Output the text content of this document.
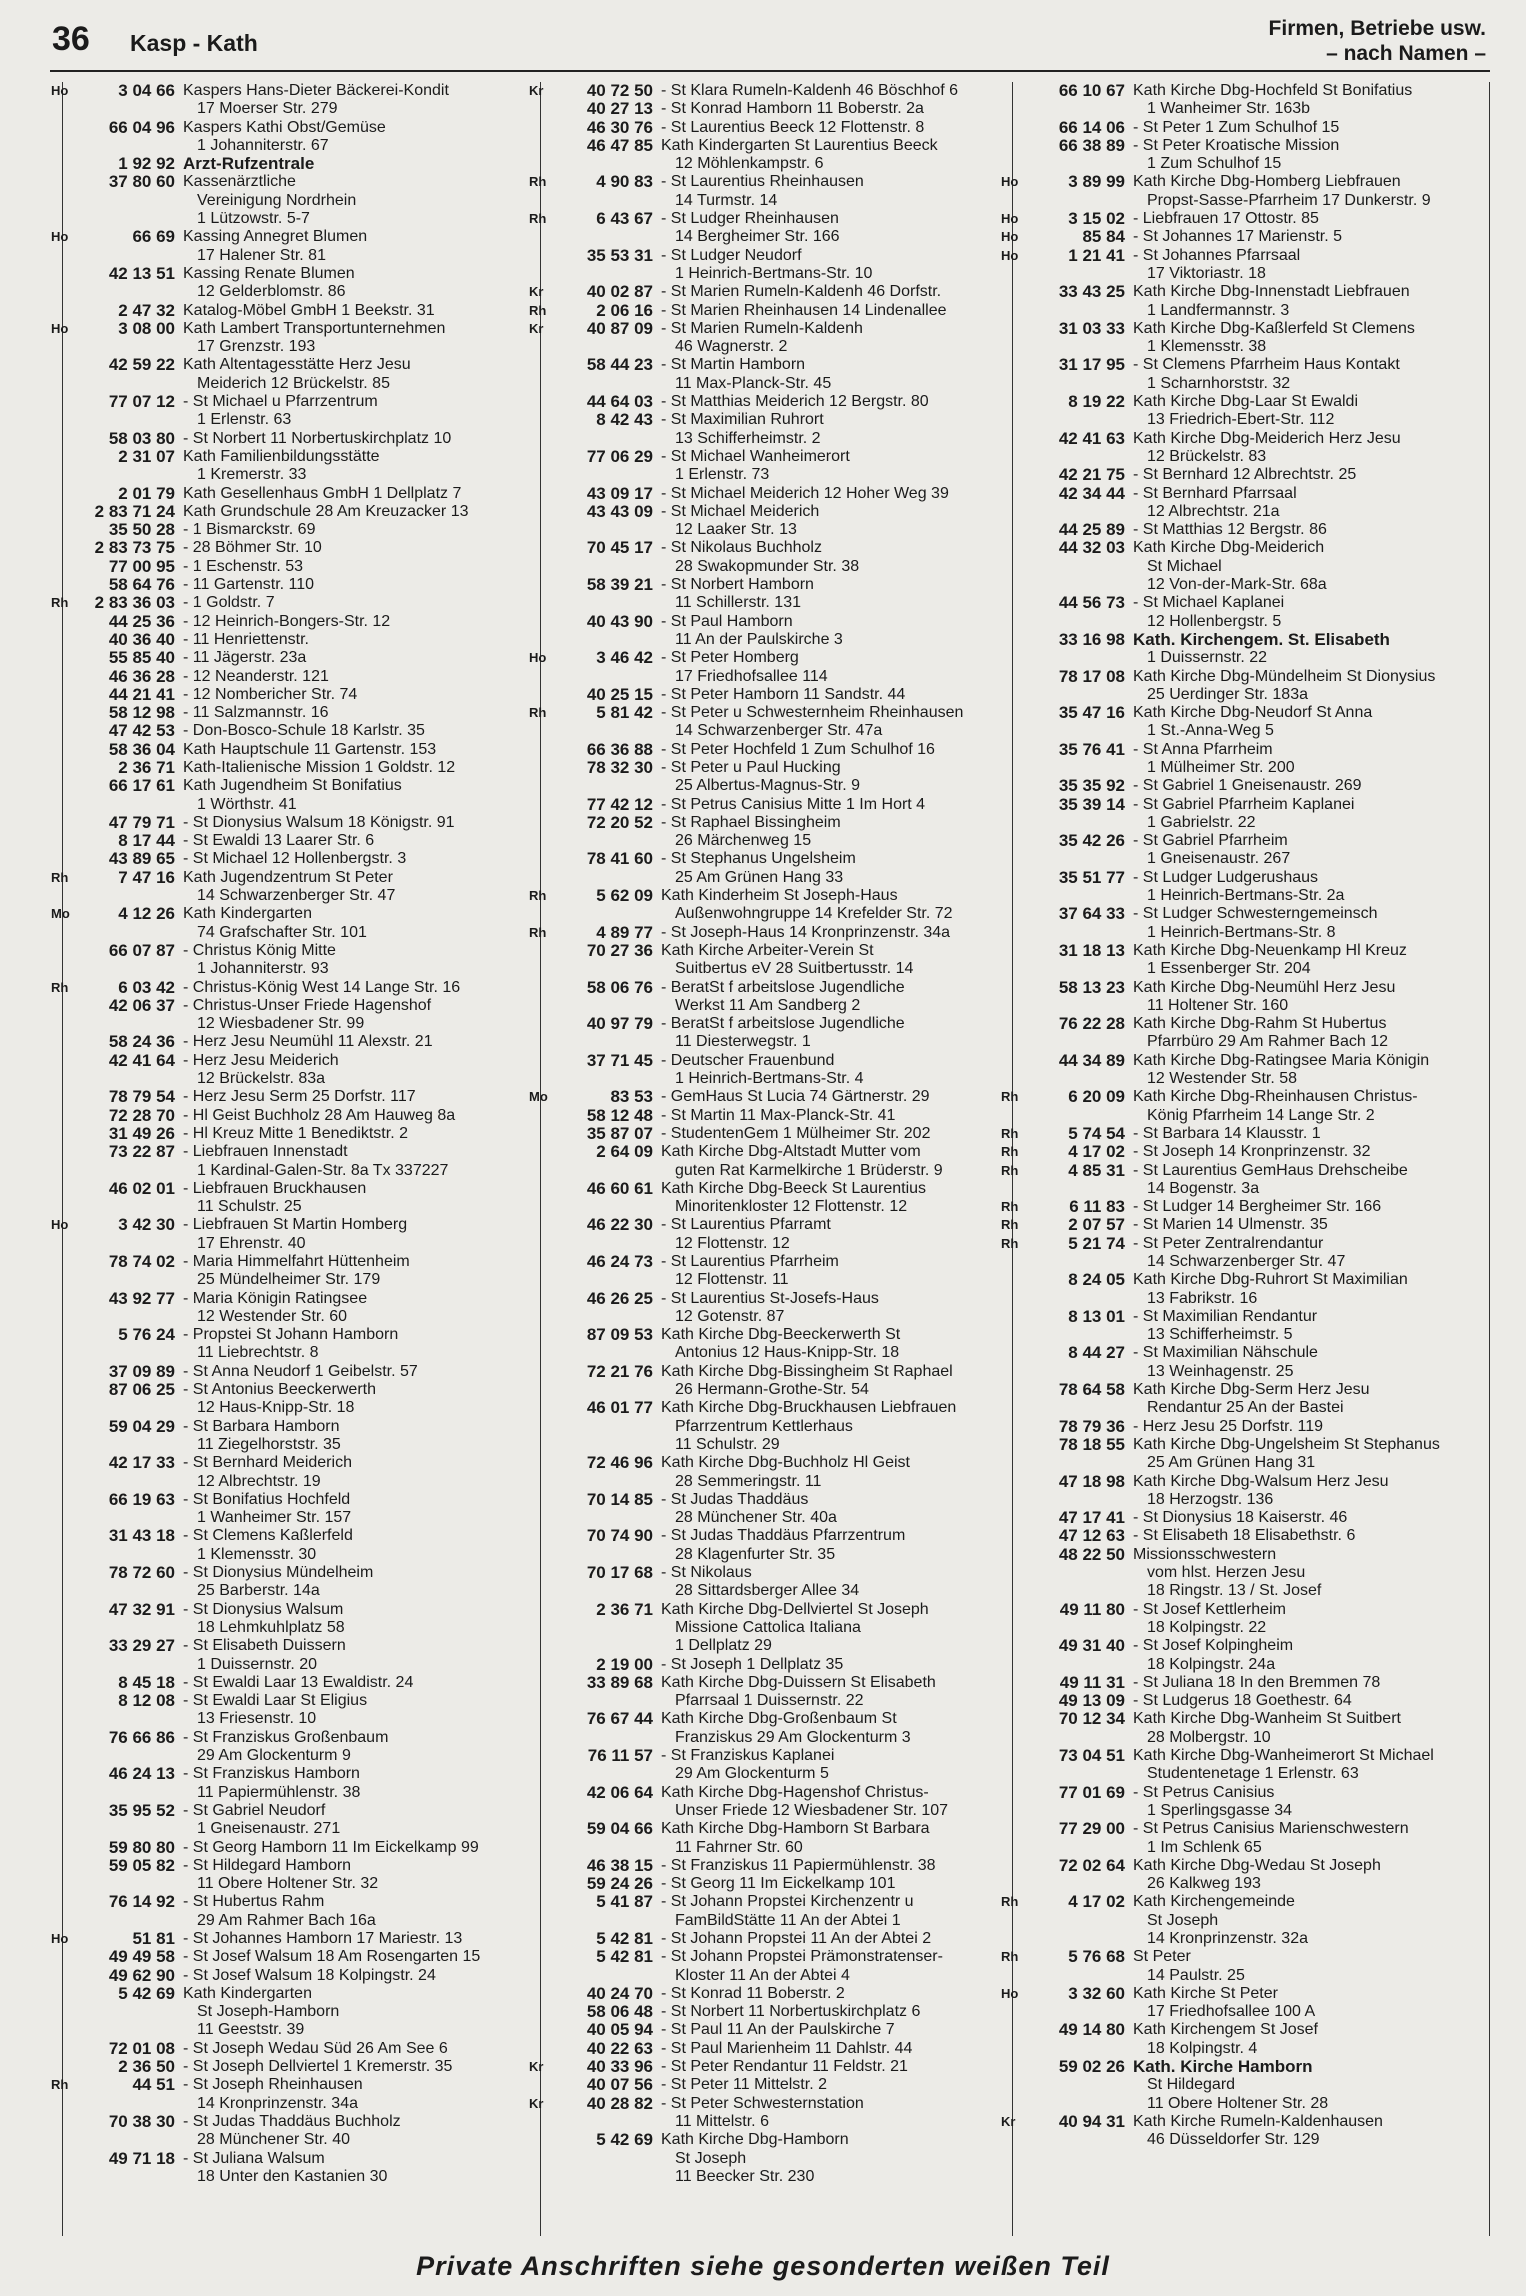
36 Kasp - Kath
Firmen, Betriebe usw.
– nach Namen –
Ho	3 04 66 Kaspers Hans-Dieter Bäckerei-Kondit
17 Moerser Str. 279
66 04 96 Kaspers Kathi Obst/Gemüse
1 Johanniterstr. 67
1 92 92 Arzt-Rufzentrale
37 80 60 Kassenärztliche
Vereinigung Nordrhein
1 Lützowstr. 5-7
Ho	66 69 Kassing Annegret Blumen
17 Halener Str. 81
42 13 51 Kassing Renate Blumen
12 Gelderblomstr. 86
2 47 32 Katalog-Möbel GmbH 1 Beekstr. 31
Ho	3 08 00 Kath Lambert Transportunternehmen
17 Grenzstr. 193
42 59 22 Kath Altentagesstätte Herz Jesu
Meiderich 12 Brückelstr. 85
77 07 12 - St Michael u Pfarrzentrum
1 Erlenstr. 63
58 03 80 - St Norbert 11 Norbertuskirchplatz 10
2 31 07 Kath Familienbildungsstätte
1 Kremerstr. 33
2 01 79 Kath Gesellenhaus GmbH 1 Dellplatz 7
2 83 71 24 Kath Grundschule 28 Am Kreuzacker 13
35 50 28 - 1 Bismarckstr. 69
2 83 73 75 - 28 Böhmer Str. 10
77 00 95 - 1 Eschenstr. 53
58 64 76 - 11 Gartenstr. 110
Rh	2 83 36 03 - 1 Goldstr. 7
44 25 36 - 12 Heinrich-Bongers-Str. 12
40 36 40 - 11 Henriettenstr.
55 85 40 - 11 Jägerstr. 23a
46 36 28 - 12 Neanderstr. 121
44 21 41 - 12 Nombericher Str. 74
58 12 98 - 11 Salzmannstr. 16
47 42 53 - Don-Bosco-Schule 18 Karlstr. 35
58 36 04 Kath Hauptschule 11 Gartenstr. 153
2 36 71 Kath-Italienische Mission 1 Goldstr. 12
66 17 61 Kath Jugendheim St Bonifatius
1 Wörthstr. 41
47 79 71 - St Dionysius Walsum 18 Königstr. 91
8 17 44 - St Ewaldi 13 Laarer Str. 6
43 89 65 - St Michael 12 Hollenbergstr. 3
Rh	7 47 16 Kath Jugendzentrum St Peter
14 Schwarzenberger Str. 47
Mo	4 12 26 Kath Kindergarten
74 Grafschafter Str. 101
66 07 87 - Christus König Mitte
1 Johanniterstr. 93
Rh	6 03 42 - Christus-König West 14 Lange Str. 16
42 06 37 - Christus-Unser Friede Hagenshof
12 Wiesbadener Str. 99
58 24 36 - Herz Jesu Neumühl 11 Alexstr. 21
42 41 64 - Herz Jesu Meiderich
12 Brückelstr. 83a
78 79 54 - Herz Jesu Serm 25 Dorfstr. 117
72 28 70 - Hl Geist Buchholz 28 Am Hauweg 8a
31 49 26 - Hl Kreuz Mitte 1 Benediktstr. 2
73 22 87 - Liebfrauen Innenstadt
1 Kardinal-Galen-Str. 8a Tx 337227
46 02 01 - Liebfrauen Bruckhausen
11 Schulstr. 25
Ho	3 42 30 - Liebfrauen St Martin Homberg
17 Ehrenstr. 40
78 74 02 - Maria Himmelfahrt Hüttenheim
25 Mündelheimer Str. 179
43 92 77 - Maria Königin Ratingsee
12 Westender Str. 60
5 76 24 - Propstei St Johann Hamborn
11 Liebrechtstr. 8
37 09 89 - St Anna Neudorf 1 Geibelstr. 57
87 06 25 - St Antonius Beeckerwerth
12 Haus-Knipp-Str. 18
59 04 29 - St Barbara Hamborn
11 Ziegelhorststr. 35
42 17 33 - St Bernhard Meiderich
12 Albrechtstr. 19
66 19 63 - St Bonifatius Hochfeld
1 Wanheimer Str. 157
31 43 18 - St Clemens Kaßlerfeld
1 Klemensstr. 30
78 72 60 - St Dionysius Mündelheim
25 Barberstr. 14a
47 32 91 - St Dionysius Walsum
18 Lehmkuhlplatz 58
33 29 27 - St Elisabeth Duissern
1 Duissernstr. 20
8 45 18 - St Ewaldi Laar 13 Ewaldistr. 24
8 12 08 - St Ewaldi Laar St Eligius
13 Friesenstr. 10
76 66 86 - St Franziskus Großenbaum
29 Am Glockenturm 9
46 24 13 - St Franziskus Hamborn
11 Papiermühlenstr. 38
35 95 52 - St Gabriel Neudorf
1 Gneisenaustr. 271
59 80 80 - St Georg Hamborn 11 Im Eickelkamp 99
59 05 82 - St Hildegard Hamborn
11 Obere Holtener Str. 32
76 14 92 - St Hubertus Rahm
29 Am Rahmer Bach 16a
Ho	51 81 - St Johannes Hamborn 17 Mariestr. 13
49 49 58 - St Josef Walsum 18 Am Rosengarten 15
49 62 90 - St Josef Walsum 18 Kolpingstr. 24
5 42 69 Kath Kindergarten
St Joseph-Hamborn
11 Geeststr. 39
72 01 08 - St Joseph Wedau Süd 26 Am See 6
2 36 50 - St Joseph Dellviertel 1 Kremerstr. 35
Rh	44 51 - St Joseph Rheinhausen
14 Kronprinzenstr. 34a
70 38 30 - St Judas Thaddäus Buchholz
28 Münchener Str. 40
49 71 18 - St Juliana Walsum
18 Unter den Kastanien 30
Kr	40 72 50 - St Klara Rumeln-Kaldenh 46 Böschhof 6
40 27 13 - St Konrad Hamborn 11 Boberstr. 2a
46 30 76 - St Laurentius Beeck 12 Flottenstr. 8
46 47 85 Kath Kindergarten St Laurentius Beeck
12 Möhlenkampstr. 6
Rh	4 90 83 - St Laurentius Rheinhausen
14 Turmstr. 14
Rh	6 43 67 - St Ludger Rheinhausen
14 Bergheimer Str. 166
35 53 31 - St Ludger Neudorf
1 Heinrich-Bertmans-Str. 10
Kr	40 02 87 - St Marien Rumeln-Kaldenh 46 Dorfstr.
Rh	2 06 16 - St Marien Rheinhausen 14 Lindenallee
Kr	40 87 09 - St Marien Rumeln-Kaldenh
46 Wagnerstr. 2
58 44 23 - St Martin Hamborn
11 Max-Planck-Str. 45
44 64 03 - St Matthias Meiderich 12 Bergstr. 80
8 42 43 - St Maximilian Ruhrort
13 Schifferheimstr. 2
77 06 29 - St Michael Wanheimerort
1 Erlenstr. 73
43 09 17 - St Michael Meiderich 12 Hoher Weg 39
43 43 09 - St Michael Meiderich
12 Laaker Str. 13
70 45 17 - St Nikolaus Buchholz
28 Swakopmunder Str. 38
58 39 21 - St Norbert Hamborn
11 Schillerstr. 131
40 43 90 - St Paul Hamborn
11 An der Paulskirche 3
Ho	3 46 42 - St Peter Homberg
17 Friedhofsallee 114
40 25 15 - St Peter Hamborn 11 Sandstr. 44
Rh	5 81 42 - St Peter u Schwesternheim Rheinhausen
14 Schwarzenberger Str. 47a
66 36 88 - St Peter Hochfeld 1 Zum Schulhof 16
78 32 30 - St Peter u Paul Hucking
25 Albertus-Magnus-Str. 9
77 42 12 - St Petrus Canisius Mitte 1 Im Hort 4
72 20 52 - St Raphael Bissingheim
26 Märchenweg 15
78 41 60 - St Stephanus Ungelsheim
25 Am Grünen Hang 33
Rh	5 62 09 Kath Kinderheim St Joseph-Haus
Außenwohngruppe 14 Krefelder Str. 72
Rh	4 89 77 - St Joseph-Haus 14 Kronprinzenstr. 34a
70 27 36 Kath Kirche Arbeiter-Verein St
Suitbertus eV 28 Suitbertusstr. 14
58 06 76 - BeratSt f arbeitslose Jugendliche
Werkst 11 Am Sandberg 2
40 97 79 - BeratSt f arbeitslose Jugendliche
11 Diesterwegstr. 1
37 71 45 - Deutscher Frauenbund
1 Heinrich-Bertmans-Str. 4
Mo	83 53 - GemHaus St Lucia 74 Gärtnerstr. 29
58 12 48 - St Martin 11 Max-Planck-Str. 41
35 87 07 - StudentenGem 1 Mülheimer Str. 202
2 64 09 Kath Kirche Dbg-Altstadt Mutter vom
guten Rat Karmelkirche 1 Brüderstr. 9
46 60 61 Kath Kirche Dbg-Beeck St Laurentius
Minoritenkloster 12 Flottenstr. 12
46 22 30 - St Laurentius Pfarramt
12 Flottenstr. 12
46 24 73 - St Laurentius Pfarrheim
12 Flottenstr. 11
46 26 25 - St Laurentius St-Josefs-Haus
12 Gotenstr. 87
87 09 53 Kath Kirche Dbg-Beeckerwerth St
Antonius 12 Haus-Knipp-Str. 18
72 21 76 Kath Kirche Dbg-Bissingheim St Raphael
26 Hermann-Grothe-Str. 54
46 01 77 Kath Kirche Dbg-Bruckhausen Liebfrauen
Pfarrzentrum Kettlerhaus
11 Schulstr. 29
72 46 96 Kath Kirche Dbg-Buchholz Hl Geist
28 Semmeringstr. 11
70 14 85 - St Judas Thaddäus
28 Münchener Str. 40a
70 74 90 - St Judas Thaddäus Pfarrzentrum
28 Klagenfurter Str. 35
70 17 68 - St Nikolaus
28 Sittardsberger Allee 34
2 36 71 Kath Kirche Dbg-Dellviertel St Joseph
Missione Cattolica Italiana
1 Dellplatz 29
2 19 00 - St Joseph 1 Dellplatz 35
33 89 68 Kath Kirche Dbg-Duissern St Elisabeth
Pfarrsaal 1 Duissernstr. 22
76 67 44 Kath Kirche Dbg-Großenbaum St
Franziskus 29 Am Glockenturm 3
76 11 57 - St Franziskus Kaplanei
29 Am Glockenturm 5
42 06 64 Kath Kirche Dbg-Hagenshof Christus-
Unser Friede 12 Wiesbadener Str. 107
59 04 66 Kath Kirche Dbg-Hamborn St Barbara
11 Fahrner Str. 60
46 38 15 - St Franziskus 11 Papiermühlenstr. 38
59 24 26 - St Georg 11 Im Eickelkamp 101
5 41 87 - St Johann Propstei Kirchenzentr u
FamBildStätte 11 An der Abtei 1
5 42 81 - St Johann Propstei 11 An der Abtei 2
5 42 81 - St Johann Propstei Prämonstratenser-
Kloster 11 An der Abtei 4
40 24 70 - St Konrad 11 Boberstr. 2
58 06 48 - St Norbert 11 Norbertuskirchplatz 6
40 05 94 - St Paul 11 An der Paulskirche 7
40 22 63 - St Paul Marienheim 11 Dahlstr. 44
Kr	40 33 96 - St Peter Rendantur 11 Feldstr. 21
40 07 56 - St Peter 11 Mittelstr. 2
Kr	40 28 82 - St Peter Schwesternstation
11 Mittelstr. 6
5 42 69 Kath Kirche Dbg-Hamborn
St Joseph
11 Beecker Str. 230
66 10 67 Kath Kirche Dbg-Hochfeld St Bonifatius
1 Wanheimer Str. 163b
66 14 06 - St Peter 1 Zum Schulhof 15
66 38 89 - St Peter Kroatische Mission
1 Zum Schulhof 15
Ho	3 89 99 Kath Kirche Dbg-Homberg Liebfrauen
Propst-Sasse-Pfarrheim 17 Dunkerstr. 9
Ho	3 15 02 - Liebfrauen 17 Ottostr. 85
Ho	85 84 - St Johannes 17 Marienstr. 5
Ho	1 21 41 - St Johannes Pfarrsaal
17 Viktoriastr. 18
33 43 25 Kath Kirche Dbg-Innenstadt Liebfrauen
1 Landfermannstr. 3
31 03 33 Kath Kirche Dbg-Kaßlerfeld St Clemens
1 Klemensstr. 38
31 17 95 - St Clemens Pfarrheim Haus Kontakt
1 Scharnhorststr. 32
8 19 22 Kath Kirche Dbg-Laar St Ewaldi
13 Friedrich-Ebert-Str. 112
42 41 63 Kath Kirche Dbg-Meiderich Herz Jesu
12 Brückelstr. 83
42 21 75 - St Bernhard 12 Albrechtstr. 25
42 34 44 - St Bernhard Pfarrsaal
12 Albrechtstr. 21a
44 25 89 - St Matthias 12 Bergstr. 86
44 32 03 Kath Kirche Dbg-Meiderich
St Michael
12 Von-der-Mark-Str. 68a
44 56 73 - St Michael Kaplanei
12 Hollenbergstr. 5
33 16 98 Kath. Kirchengem. St. Elisabeth
1 Duissernstr. 22
78 17 08 Kath Kirche Dbg-Mündelheim St Dionysius
25 Uerdinger Str. 183a
35 47 16 Kath Kirche Dbg-Neudorf St Anna
1 St.-Anna-Weg 5
35 76 41 - St Anna Pfarrheim
1 Mülheimer Str. 200
35 35 92 - St Gabriel 1 Gneisenaustr. 269
35 39 14 - St Gabriel Pfarrheim Kaplanei
1 Gabrielstr. 22
35 42 26 - St Gabriel Pfarrheim
1 Gneisenaustr. 267
35 51 77 - St Ludger Ludgerushaus
1 Heinrich-Bertmans-Str. 2a
37 64 33 - St Ludger Schwesterngemeinsch
1 Heinrich-Bertmans-Str. 8
31 18 13 Kath Kirche Dbg-Neuenkamp Hl Kreuz
1 Essenberger Str. 204
58 13 23 Kath Kirche Dbg-Neumühl Herz Jesu
11 Holtener Str. 160
76 22 28 Kath Kirche Dbg-Rahm St Hubertus
Pfarrbüro 29 Am Rahmer Bach 12
44 34 89 Kath Kirche Dbg-Ratingsee Maria Königin
12 Westender Str. 58
Rh	6 20 09 Kath Kirche Dbg-Rheinhausen Christus-
König Pfarrheim 14 Lange Str. 2
Rh	5 74 54 - St Barbara 14 Klausstr. 1
Rh	4 17 02 - St Joseph 14 Kronprinzenstr. 32
Rh	4 85 31 - St Laurentius GemHaus Drehscheibe
14 Bogenstr. 3a
Rh	6 11 83 - St Ludger 14 Bergheimer Str. 166
Rh	2 07 57 - St Marien 14 Ulmenstr. 35
Rh	5 21 74 - St Peter Zentralrendantur
14 Schwarzenberger Str. 47
8 24 05 Kath Kirche Dbg-Ruhrort St Maximilian
13 Fabrikstr. 16
8 13 01 - St Maximilian Rendantur
13 Schifferheimstr. 5
8 44 27 - St Maximilian Nähschule
13 Weinhagenstr. 25
78 64 58 Kath Kirche Dbg-Serm Herz Jesu
Rendantur 25 An der Bastei
78 79 36 - Herz Jesu 25 Dorfstr. 119
78 18 55 Kath Kirche Dbg-Ungelsheim St Stephanus
25 Am Grünen Hang 31
47 18 98 Kath Kirche Dbg-Walsum Herz Jesu
18 Herzogstr. 136
47 17 41 - St Dionysius 18 Kaiserstr. 46
47 12 63 - St Elisabeth 18 Elisabethstr. 6
48 22 50 Missionsschwestern
vom hlst. Herzen Jesu
18 Ringstr. 13 / St. Josef
49 11 80 - St Josef Kettlerheim
18 Kolpingstr. 22
49 31 40 - St Josef Kolpingheim
18 Kolpingstr. 24a
49 11 31 - St Juliana 18 In den Bremmen 78
49 13 09 - St Ludgerus 18 Goethestr. 64
70 12 34 Kath Kirche Dbg-Wanheim St Suitbert
28 Molbergstr. 10
73 04 51 Kath Kirche Dbg-Wanheimerort St Michael
Studentenetage 1 Erlenstr. 63
77 01 69 - St Petrus Canisius
1 Sperlingsgasse 34
77 29 00 - St Petrus Canisius Marienschwestern
1 Im Schlenk 65
72 02 64 Kath Kirche Dbg-Wedau St Joseph
26 Kalkweg 193
Rh	4 17 02 Kath Kirchengemeinde
St Joseph
14 Kronprinzenstr. 32a
Rh	5 76 68 St Peter
14 Paulstr. 25
Ho	3 32 60 Kath Kirche St Peter
17 Friedhofsallee 100 A
49 14 80 Kath Kirchengem St Josef
18 Kolpingstr. 4
59 02 26 Kath. Kirche Hamborn
St Hildegard
11 Obere Holtener Str. 28
Kr	40 94 31 Kath Kirche Rumeln-Kaldenhausen
46 Düsseldorfer Str. 129
Private Anschriften siehe gesonderten weißen Teil
